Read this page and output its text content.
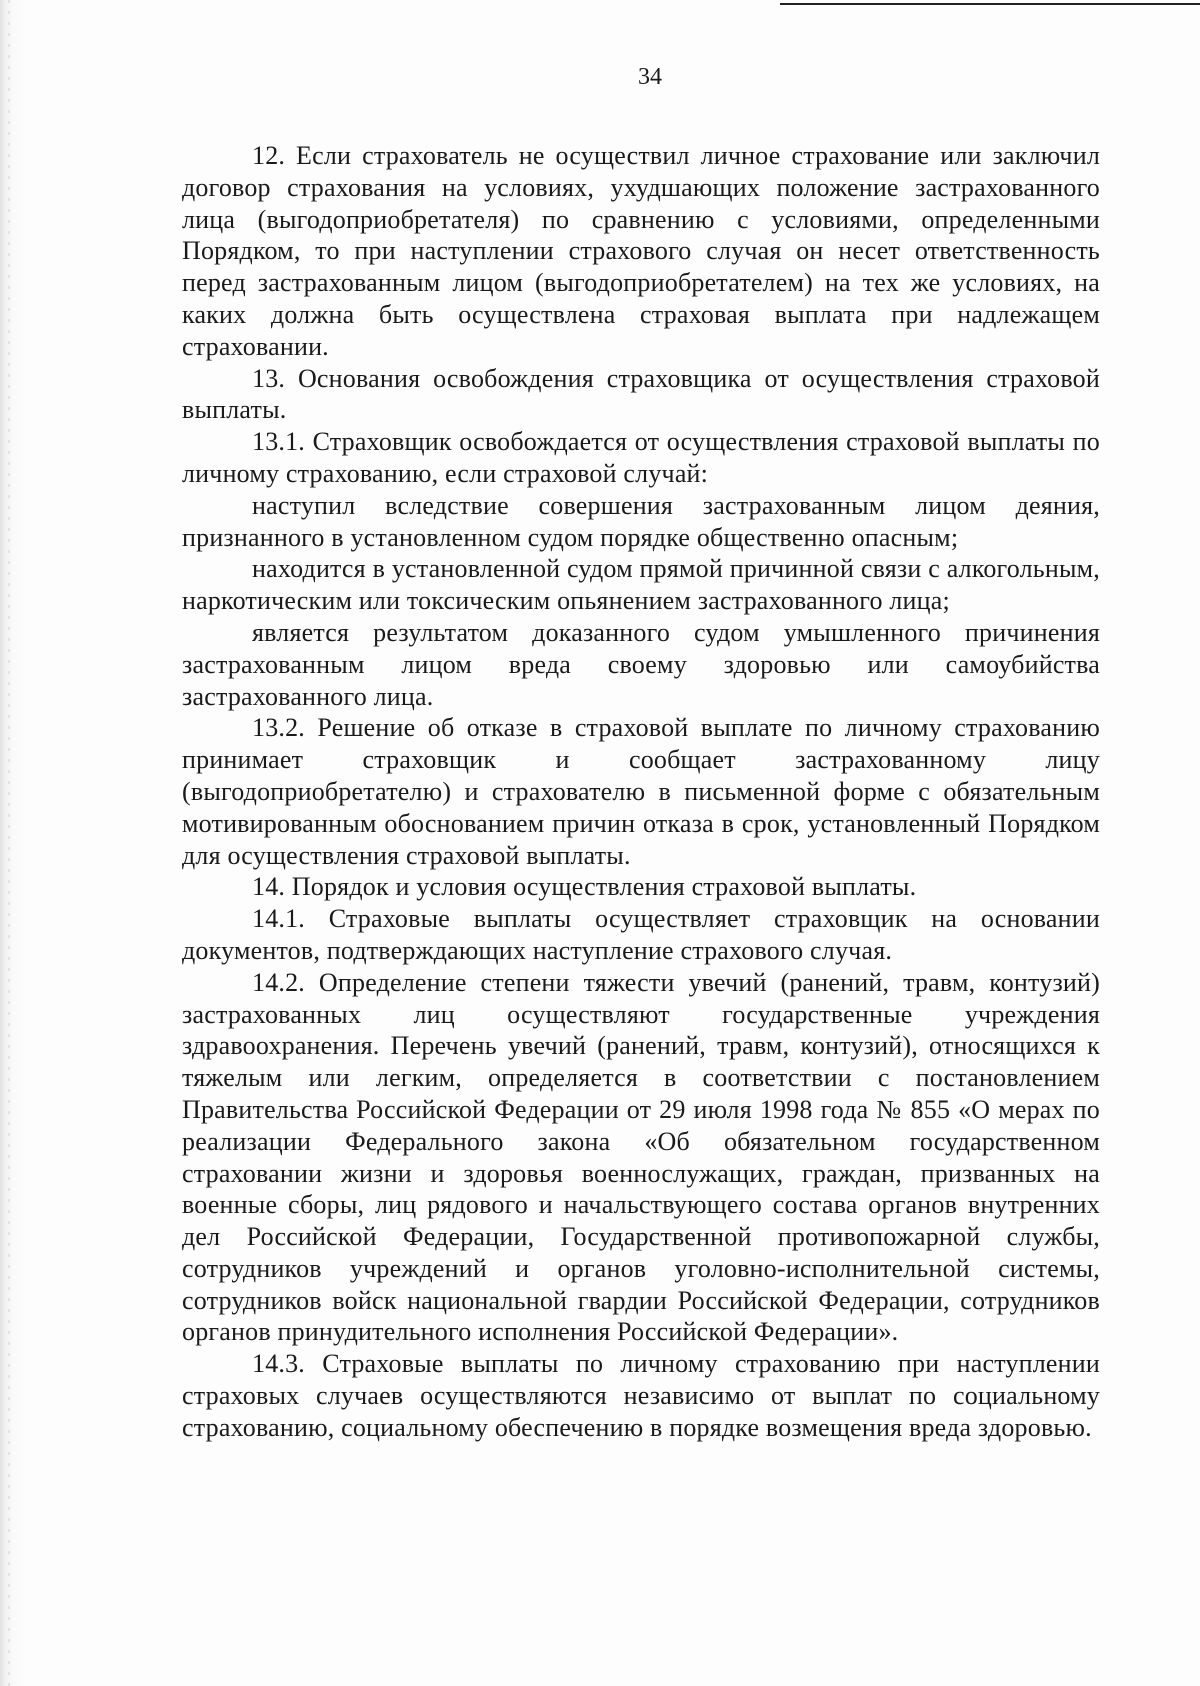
34

12. Если страхователь не осуществил личное страхование или заключил договор страхования на условиях, ухудшающих положение застрахованного лица (выгодоприобретателя) по сравнению с условиями, определенными Порядком, то при наступлении страхового случая он несет ответственность перед застрахованным лицом (выгодоприобретателем) на тех же условиях, на каких должна быть осуществлена страховая выплата при надлежащем страховании.

13. Основания освобождения страховщика от осуществления страховой выплаты.

13.1. Страховщик освобождается от осуществления страховой выплаты по личному страхованию, если страховой случай:

наступил вследствие совершения застрахованным лицом деяния, признанного в установленном судом порядке общественно опасным;

находится в установленной судом прямой причинной связи с алкогольным, наркотическим или токсическим опьянением застрахованного лица;

является результатом доказанного судом умышленного причинения застрахованным лицом вреда своему здоровью или самоубийства застрахованного лица.

13.2. Решение об отказе в страховой выплате по личному страхованию принимает страховщик и сообщает застрахованному лицу (выгодоприобретателю) и страхователю в письменной форме с обязательным мотивированным обоснованием причин отказа в срок, установленный Порядком для осуществления страховой выплаты.

14. Порядок и условия осуществления страховой выплаты.

14.1. Страховые выплаты осуществляет страховщик на основании документов, подтверждающих наступление страхового случая.

14.2. Определение степени тяжести увечий (ранений, травм, контузий) застрахованных лиц осуществляют государственные учреждения здравоохранения. Перечень увечий (ранений, травм, контузий), относящихся к тяжелым или легким, определяется в соответствии с постановлением Правительства Российской Федерации от 29 июля 1998 года № 855 «О мерах по реализации Федерального закона «Об обязательном государственном страховании жизни и здоровья военнослужащих, граждан, призванных на военные сборы, лиц рядового и начальствующего состава органов внутренних дел Российской Федерации, Государственной противопожарной службы, сотрудников учреждений и органов уголовно-исполнительной системы, сотрудников войск национальной гвардии Российской Федерации, сотрудников органов принудительного исполнения Российской Федерации».

14.3. Страховые выплаты по личному страхованию при наступлении страховых случаев осуществляются независимо от выплат по социальному страхованию, социальному обеспечению в порядке возмещения вреда здоровью.
